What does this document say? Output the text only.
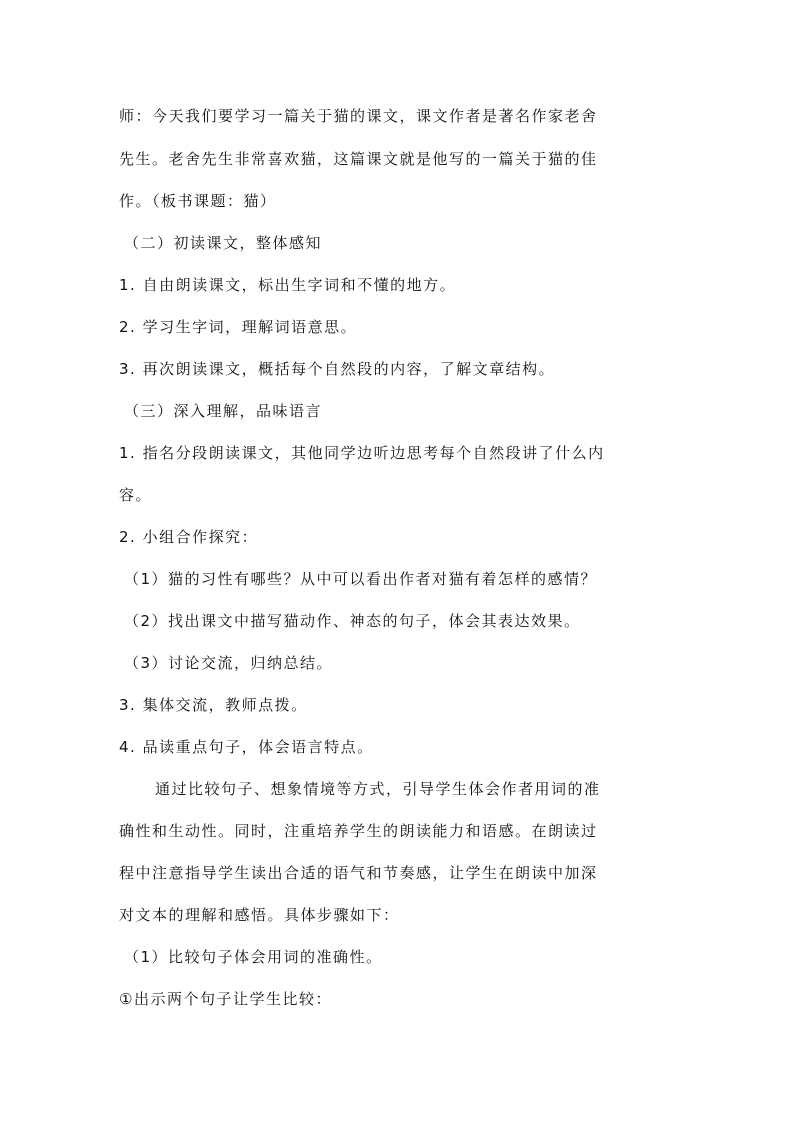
师：今天我们要学习一篇关于猫的课文，课文作者是著名作家老舍
先生。老舍先生非常喜欢猫，这篇课文就是他写的一篇关于猫的佳
作。（板书课题：猫）
（二）初读课文，整体感知
1. 自由朗读课文，标出生字词和不懂的地方。
2. 学习生字词，理解词语意思。
3. 再次朗读课文，概括每个自然段的内容，了解文章结构。
（三）深入理解，品味语言
1. 指名分段朗读课文，其他同学边听边思考每个自然段讲了什么内
容。
2. 小组合作探究：
（1）猫的习性有哪些？从中可以看出作者对猫有着怎样的感情？
（2）找出课文中描写猫动作、神态的句子，体会其表达效果。
（3）讨论交流，归纳总结。
3. 集体交流，教师点拨。
4. 品读重点句子，体会语言特点。
通过比较句子、想象情境等方式，引导学生体会作者用词的准
确性和生动性。同时，注重培养学生的朗读能力和语感。在朗读过
程中注意指导学生读出合适的语气和节奏感，让学生在朗读中加深
对文本的理解和感悟。具体步骤如下：
（1）比较句子体会用词的准确性。
①出示两个句子让学生比较：
